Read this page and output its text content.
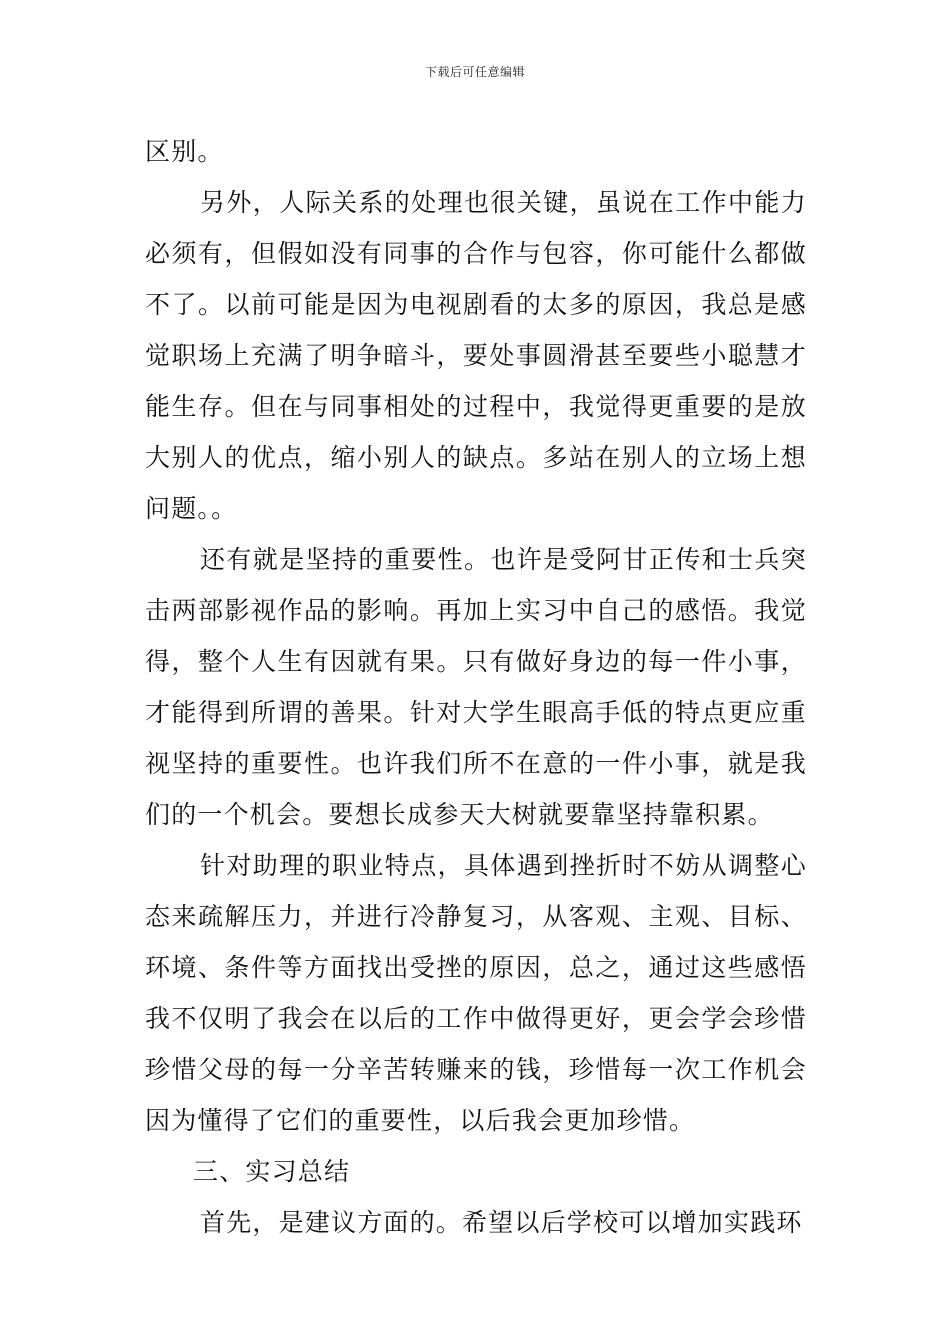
下载后可任意编辑

区别。

另外，人际关系的处理也很关键，虽说在工作中能力必须有，但假如没有同事的合作与包容，你可能什么都做不了。以前可能是因为电视剧看的太多的原因，我总是感觉职场上充满了明争暗斗，要处事圆滑甚至要些小聪慧才能生存。但在与同事相处的过程中，我觉得更重要的是放大别人的优点，缩小别人的缺点。多站在别人的立场上想问题。。

还有就是坚持的重要性。也许是受阿甘正传和士兵突击两部影视作品的影响。再加上实习中自己的感悟。我觉得，整个人生有因就有果。只有做好身边的每一件小事，才能得到所谓的善果。针对大学生眼高手低的特点更应重视坚持的重要性。也许我们所不在意的一件小事，就是我们的一个机会。要想长成参天大树就要靠坚持靠积累。

针对助理的职业特点，具体遇到挫折时不妨从调整心态来疏解压力，并进行冷静复习，从客观、主观、目标、环境、条件等方面找出受挫的原因，总之，通过这些感悟我不仅明了我会在以后的工作中做得更好，更会学会珍惜珍惜父母的每一分辛苦转赚来的钱，珍惜每一次工作机会因为懂得了它们的重要性，以后我会更加珍惜。

三、实习总结

首先，是建议方面的。希望以后学校可以增加实践环
